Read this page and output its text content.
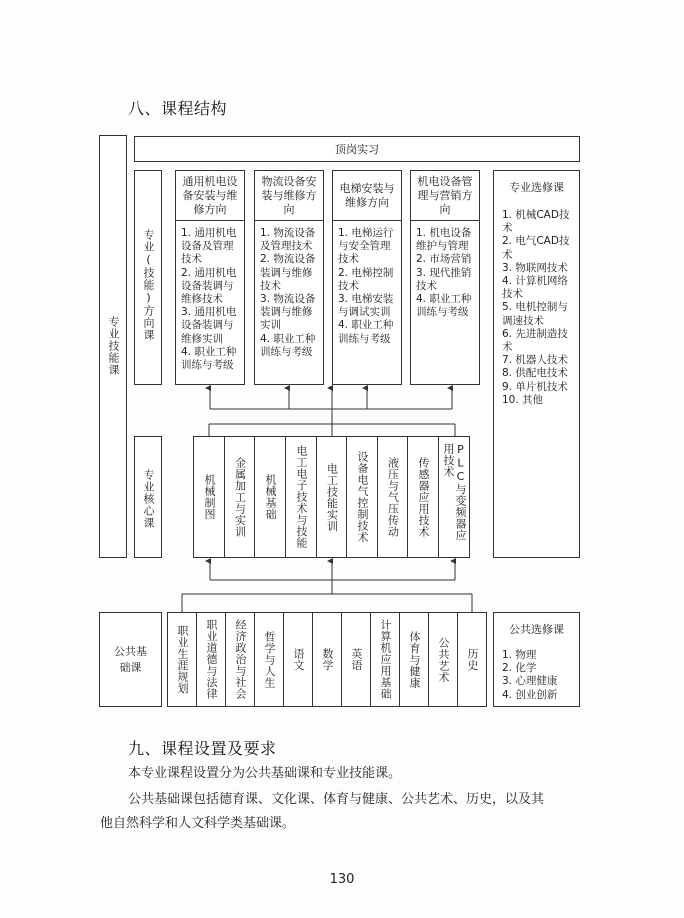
八、课程结构
专业技能课
顶岗实习
专业(技能)方向课
通用机电设备安装与维修方向
1. 通用机电设备及管理技术
2. 通用机电设备装调与维修技术
3. 通用机电设备装调与维修实训
4. 职业工种训练与考级
物流设备安装与维修方向
1. 物流设备及管理技术
2. 物流设备装调与维修技术
3. 物流设备装调与维修实训
4. 职业工种训练与考级
电梯安装与维修方向
1. 电梯运行与安全管理技术
2. 电梯控制技术
3. 电梯安装与调试实训
4. 职业工种训练与考级
机电设备管理与营销方向
1. 机电设备维护与管理
2. 市场营销
3. 现代推销技术
4. 职业工种训练与考级
专业选修课
1. 机械CAD技术
2. 电气CAD技术
3. 物联网技术
4. 计算机网络技术
5. 电机控制与调速技术
6. 先进制造技术
7. 机器人技术
8. 供配电技术
9. 单片机技术
10. 其他
专业核心课	机械制图 金属加工与实训 机械基础 电工电子技术与技能 电工技能实训 设备电气控制技术 液压与气压传动 传感器应用技术	PLC与变频器应用技术
公共基础课	职业生涯规划 职业道德与法律 经济政治与社会 哲学与人生 语文 数学 英语 计算机应用基础 体育与健康 公共艺术 历史
公共选修课
1. 物理
2. 化学
3. 心理健康
4. 创业创新
九、课程设置及要求
本专业课程设置分为公共基础课和专业技能课。
公共基础课包括德育课、文化课、体育与健康、公共艺术、历史，以及其
他自然科学和人文科学类基础课。
130
